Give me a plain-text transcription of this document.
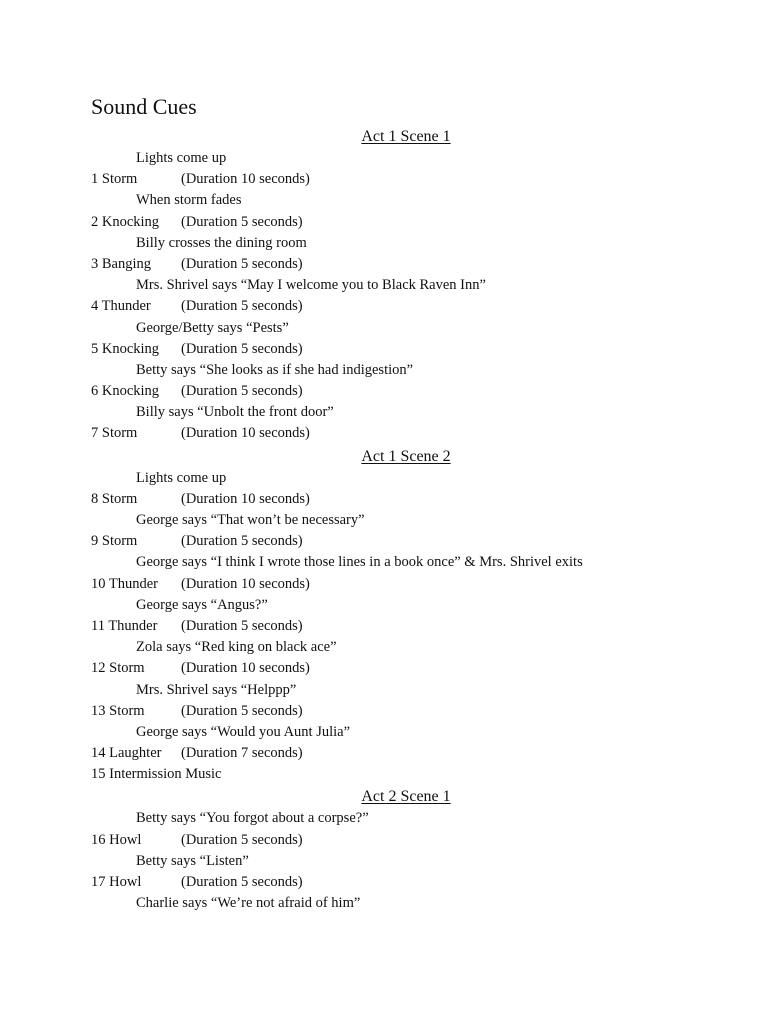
Sound Cues
Act 1 Scene 1
Lights come up
1 Storm	(Duration 10 seconds)
When storm fades
2 Knocking (Duration 5 seconds)
Billy crosses the dining room
3 Banging (Duration 5 seconds)
Mrs. Shrivel says “May I welcome you to Black Raven Inn”
4 Thunder (Duration 5 seconds)
George/Betty says “Pests”
5 Knocking (Duration 5 seconds)
Betty says “She looks as if she had indigestion”
6 Knocking (Duration 5 seconds)
Billy says “Unbolt the front door”
7 Storm	(Duration 10 seconds)
Act 1 Scene 2
Lights come up
8 Storm	(Duration 10 seconds)
George says “That won’t be necessary”
9 Storm	(Duration 5 seconds)
George says “I think I wrote those lines in a book once” & Mrs. Shrivel exits
10 Thunder (Duration 10 seconds)
George says “Angus?”
11 Thunder (Duration 5 seconds)
Zola says “Red king on black ace”
12 Storm	(Duration 10 seconds)
Mrs. Shrivel says “Helppp”
13 Storm	(Duration 5 seconds)
George says “Would you Aunt Julia”
14 Laughter (Duration 7 seconds)
15 Intermission Music
Act 2 Scene 1
Betty says “You forgot about a corpse?”
16 Howl	(Duration 5 seconds)
Betty says “Listen”
17 Howl	(Duration 5 seconds)
Charlie says “We’re not afraid of him”
